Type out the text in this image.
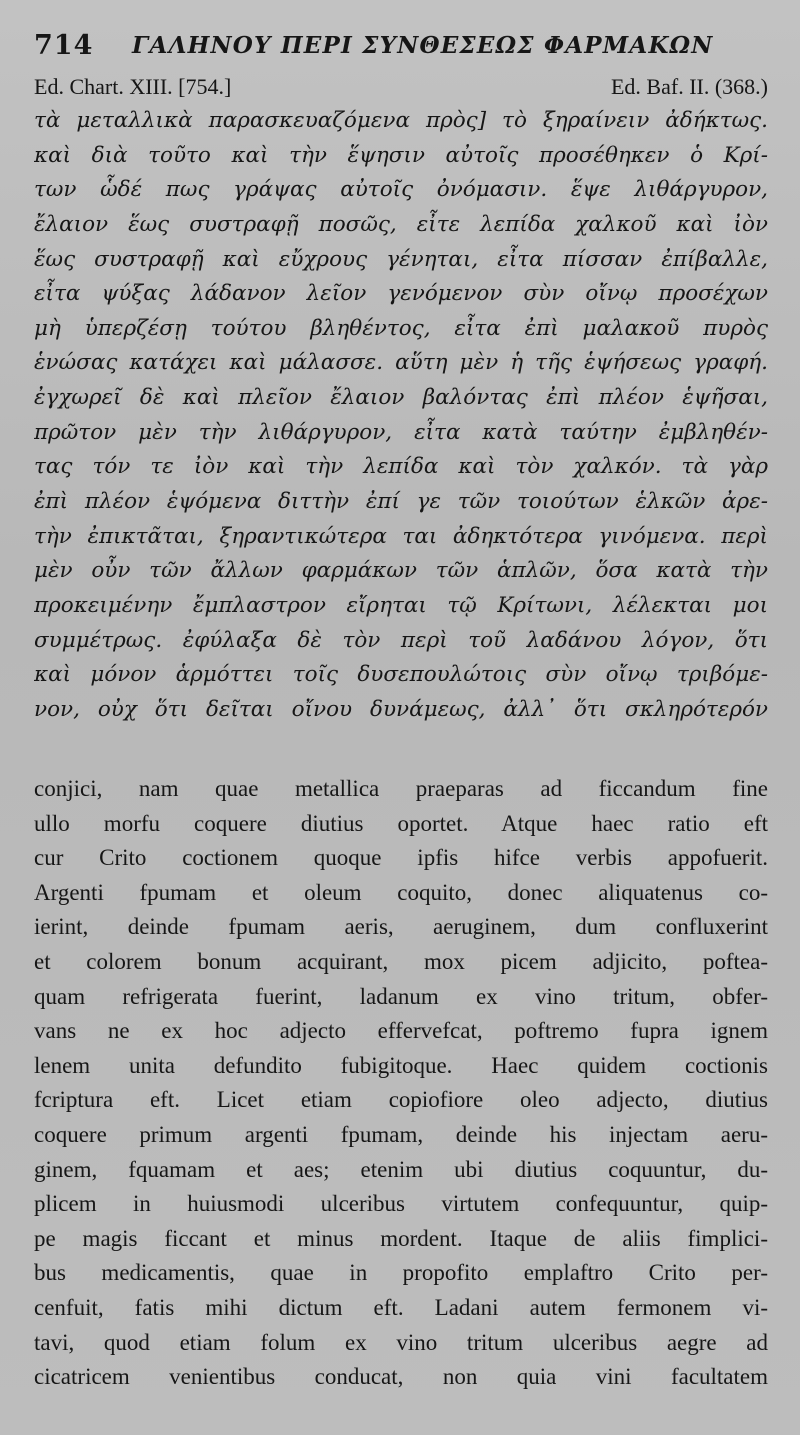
714 ΓΑΛΗΝΟΥ ΠΕΡΙ ΣΥΝΘΕΣΕΩΣ ΦΑΡΜΑΚΩΝ
Ed. Chart. XIII. [754.]	Ed. Baf. II. (368.)
τὰ μεταλλικὰ παρασκευαζόμενα πρὸς] τὸ ξηραίνειν ἀδήκτως.
καὶ διὰ τοῦτο καὶ τὴν ἕψησιν αὐτοῖς προσέθηκεν ὁ Κρί-
των ὧδέ πως γράψας αὐτοῖς ὀνόμασιν. ἕψε λιθάργυρον,
ἔλαιον ἕως συστραφῇ ποσῶς, εἶτε λεπίδα χαλκοῦ καὶ ἰὸν
ἕως συστραφῇ καὶ εὔχρους γένηται, εἶτα πίσσαν ἐπίβαλλε,
εἶτα ψύξας λάδανον λεῖον γενόμενον σὺν οἴνῳ προσέχων
μὴ ὑπερζέσῃ τούτου βληθέντος, εἶτα ἐπὶ μαλακοῦ πυρὸς
ἑνώσας κατάχει καὶ μάλασσε. αὕτη μὲν ἡ τῆς ἑψήσεως γραφή.
ἐγχωρεῖ δὲ καὶ πλεῖον ἔλαιον βαλόντας ἐπὶ πλέον ἑψῆσαι,
πρῶτον μὲν τὴν λιθάργυρον, εἶτα κατὰ ταύτην ἐμβληθέν-
τας τόν τε ἰὸν καὶ τὴν λεπίδα καὶ τὸν χαλκόν. τὰ γὰρ
ἐπὶ πλέον ἑψόμενα διττὴν ἐπί γε τῶν τοιούτων ἑλκῶν ἀρε-
τὴν ἐπικτᾶται, ξηραντικώτερα ται ἀδηκτότερα γινόμενα. περὶ
μὲν οὖν τῶν ἄλλων φαρμάκων τῶν ἁπλῶν, ὅσα κατὰ τὴν
προκειμένην ἔμπλαστρον εἴρηται τῷ Κρίτωνι, λέλεκται μοι
συμμέτρως. ἐφύλαξα δὲ τὸν περὶ τοῦ λαδάνου λόγον, ὅτι
καὶ μόνον ἁρμόττει τοῖς δυσεπουλώτοις σὺν οἴνῳ τριβόμε-
νον, οὐχ ὅτι δεῖται οἴνου δυνάμεως, ἀλλ᾽ ὅτι σκληρότερόν
conjici, nam quae metallica praeparas ad ficcandum fine
ullo morfu coquere diutius oportet. Atque haec ratio eft
cur Crito coctionem quoque ipfis hifce verbis appofuerit.
Argenti fpumam et oleum coquito, donec aliquatenus co-
ierint, deinde fpumam aeris, aeruginem, dum confluxerint
et colorem bonum acquirant, mox picem adjicito, poftea-
quam refrigerata fuerint, ladanum ex vino tritum, obfer-
vans ne ex hoc adjecto effervefcat, poftremo fupra ignem
lenem unita defundito fubigitoque. Haec quidem coctionis
fcriptura eft. Licet etiam copiofiore oleo adjecto, diutius
coquere primum argenti fpumam, deinde his injectam aeru-
ginem, fquamam et aes; etenim ubi diutius coquuntur, du-
plicem in huiusmodi ulceribus virtutem confequuntur, quip-
pe magis ficcant et minus mordent. Itaque de aliis fimplici-
bus medicamentis, quae in propofito emplaftro Crito per-
cenfuit, fatis mihi dictum eft. Ladani autem fermonem vi-
tavi, quod etiam folum ex vino tritum ulceribus aegre ad
cicatricem venientibus conducat, non quia vini facultatem
